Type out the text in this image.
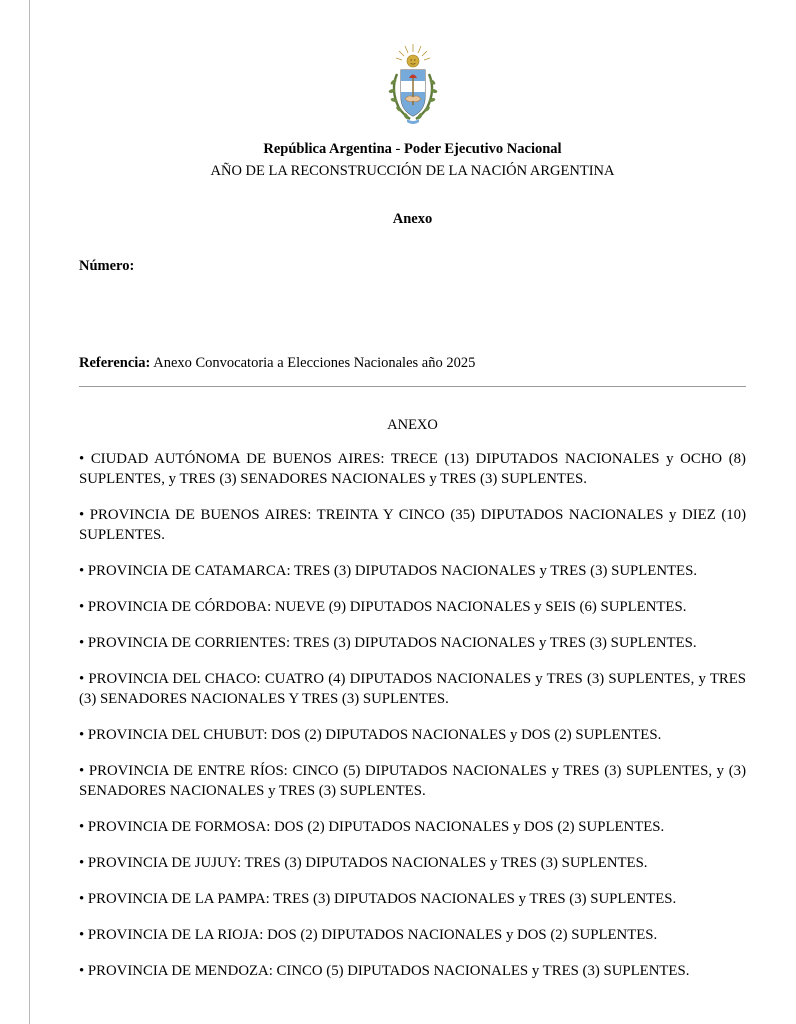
República Argentina - Poder Ejecutivo Nacional
AÑO DE LA RECONSTRUCCIÓN DE LA NACIÓN ARGENTINA
Anexo
Número:
Referencia: Anexo Convocatoria a Elecciones Nacionales año 2025
ANEXO
• CIUDAD AUTÓNOMA DE BUENOS AIRES: TRECE (13) DIPUTADOS NACIONALES y OCHO (8) SUPLENTES, y TRES (3) SENADORES NACIONALES y TRES (3) SUPLENTES.
• PROVINCIA DE BUENOS AIRES: TREINTA Y CINCO (35) DIPUTADOS NACIONALES y DIEZ (10) SUPLENTES.
• PROVINCIA DE CATAMARCA: TRES (3) DIPUTADOS NACIONALES y TRES (3) SUPLENTES.
• PROVINCIA DE CÓRDOBA: NUEVE (9) DIPUTADOS NACIONALES y SEIS (6) SUPLENTES.
• PROVINCIA DE CORRIENTES: TRES (3) DIPUTADOS NACIONALES y TRES (3) SUPLENTES.
• PROVINCIA DEL CHACO: CUATRO (4) DIPUTADOS NACIONALES y TRES (3) SUPLENTES, y TRES (3) SENADORES NACIONALES Y TRES (3) SUPLENTES.
• PROVINCIA DEL CHUBUT: DOS (2) DIPUTADOS NACIONALES y DOS (2) SUPLENTES.
• PROVINCIA DE ENTRE RÍOS: CINCO (5) DIPUTADOS NACIONALES y TRES (3) SUPLENTES, y (3) SENADORES NACIONALES y TRES (3) SUPLENTES.
• PROVINCIA DE FORMOSA: DOS (2) DIPUTADOS NACIONALES y DOS (2) SUPLENTES.
• PROVINCIA DE JUJUY: TRES (3) DIPUTADOS NACIONALES y TRES (3) SUPLENTES.
• PROVINCIA DE LA PAMPA: TRES (3) DIPUTADOS NACIONALES y TRES (3) SUPLENTES.
• PROVINCIA DE LA RIOJA: DOS (2) DIPUTADOS NACIONALES y DOS (2) SUPLENTES.
• PROVINCIA DE MENDOZA: CINCO (5) DIPUTADOS NACIONALES y TRES (3) SUPLENTES.
